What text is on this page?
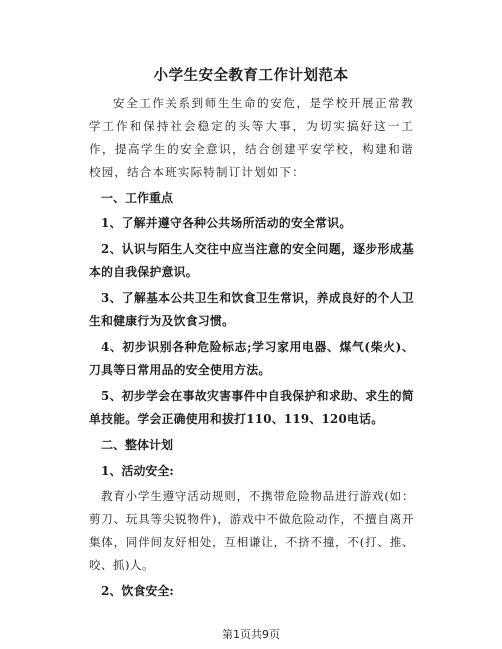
小学生安全教育工作计划范本

安全工作关系到师生生命的安危，是学校开展正常教学工作和保持社会稳定的头等大事，为切实搞好这一工作，提高学生的安全意识，结合创建平安学校，构建和谐校园，结合本班实际特制订计划如下：

一、工作重点

1、了解并遵守各种公共场所活动的安全常识。

2、认识与陌生人交往中应当注意的安全问题，逐步形成基本的自我保护意识。

3、了解基本公共卫生和饮食卫生常识，养成良好的个人卫生和健康行为及饮食习惯。

4、初步识别各种危险标志;学习家用电器、煤气(柴火)、刀具等日常用品的安全使用方法。

5、初步学会在事故灾害事件中自我保护和求助、求生的简单技能。学会正确使用和拔打110、119、120电话。

二、整体计划
1、活动安全:

教育小学生遵守活动规则，不携带危险物品进行游戏(如：剪刀、玩具等尖锐物件)，游戏中不做危险动作，不擅自离开集体，同伴间友好相处，互相谦让，不挤不撞，不(打、推、咬、抓)人。

2、饮食安全:
第1页共9页
